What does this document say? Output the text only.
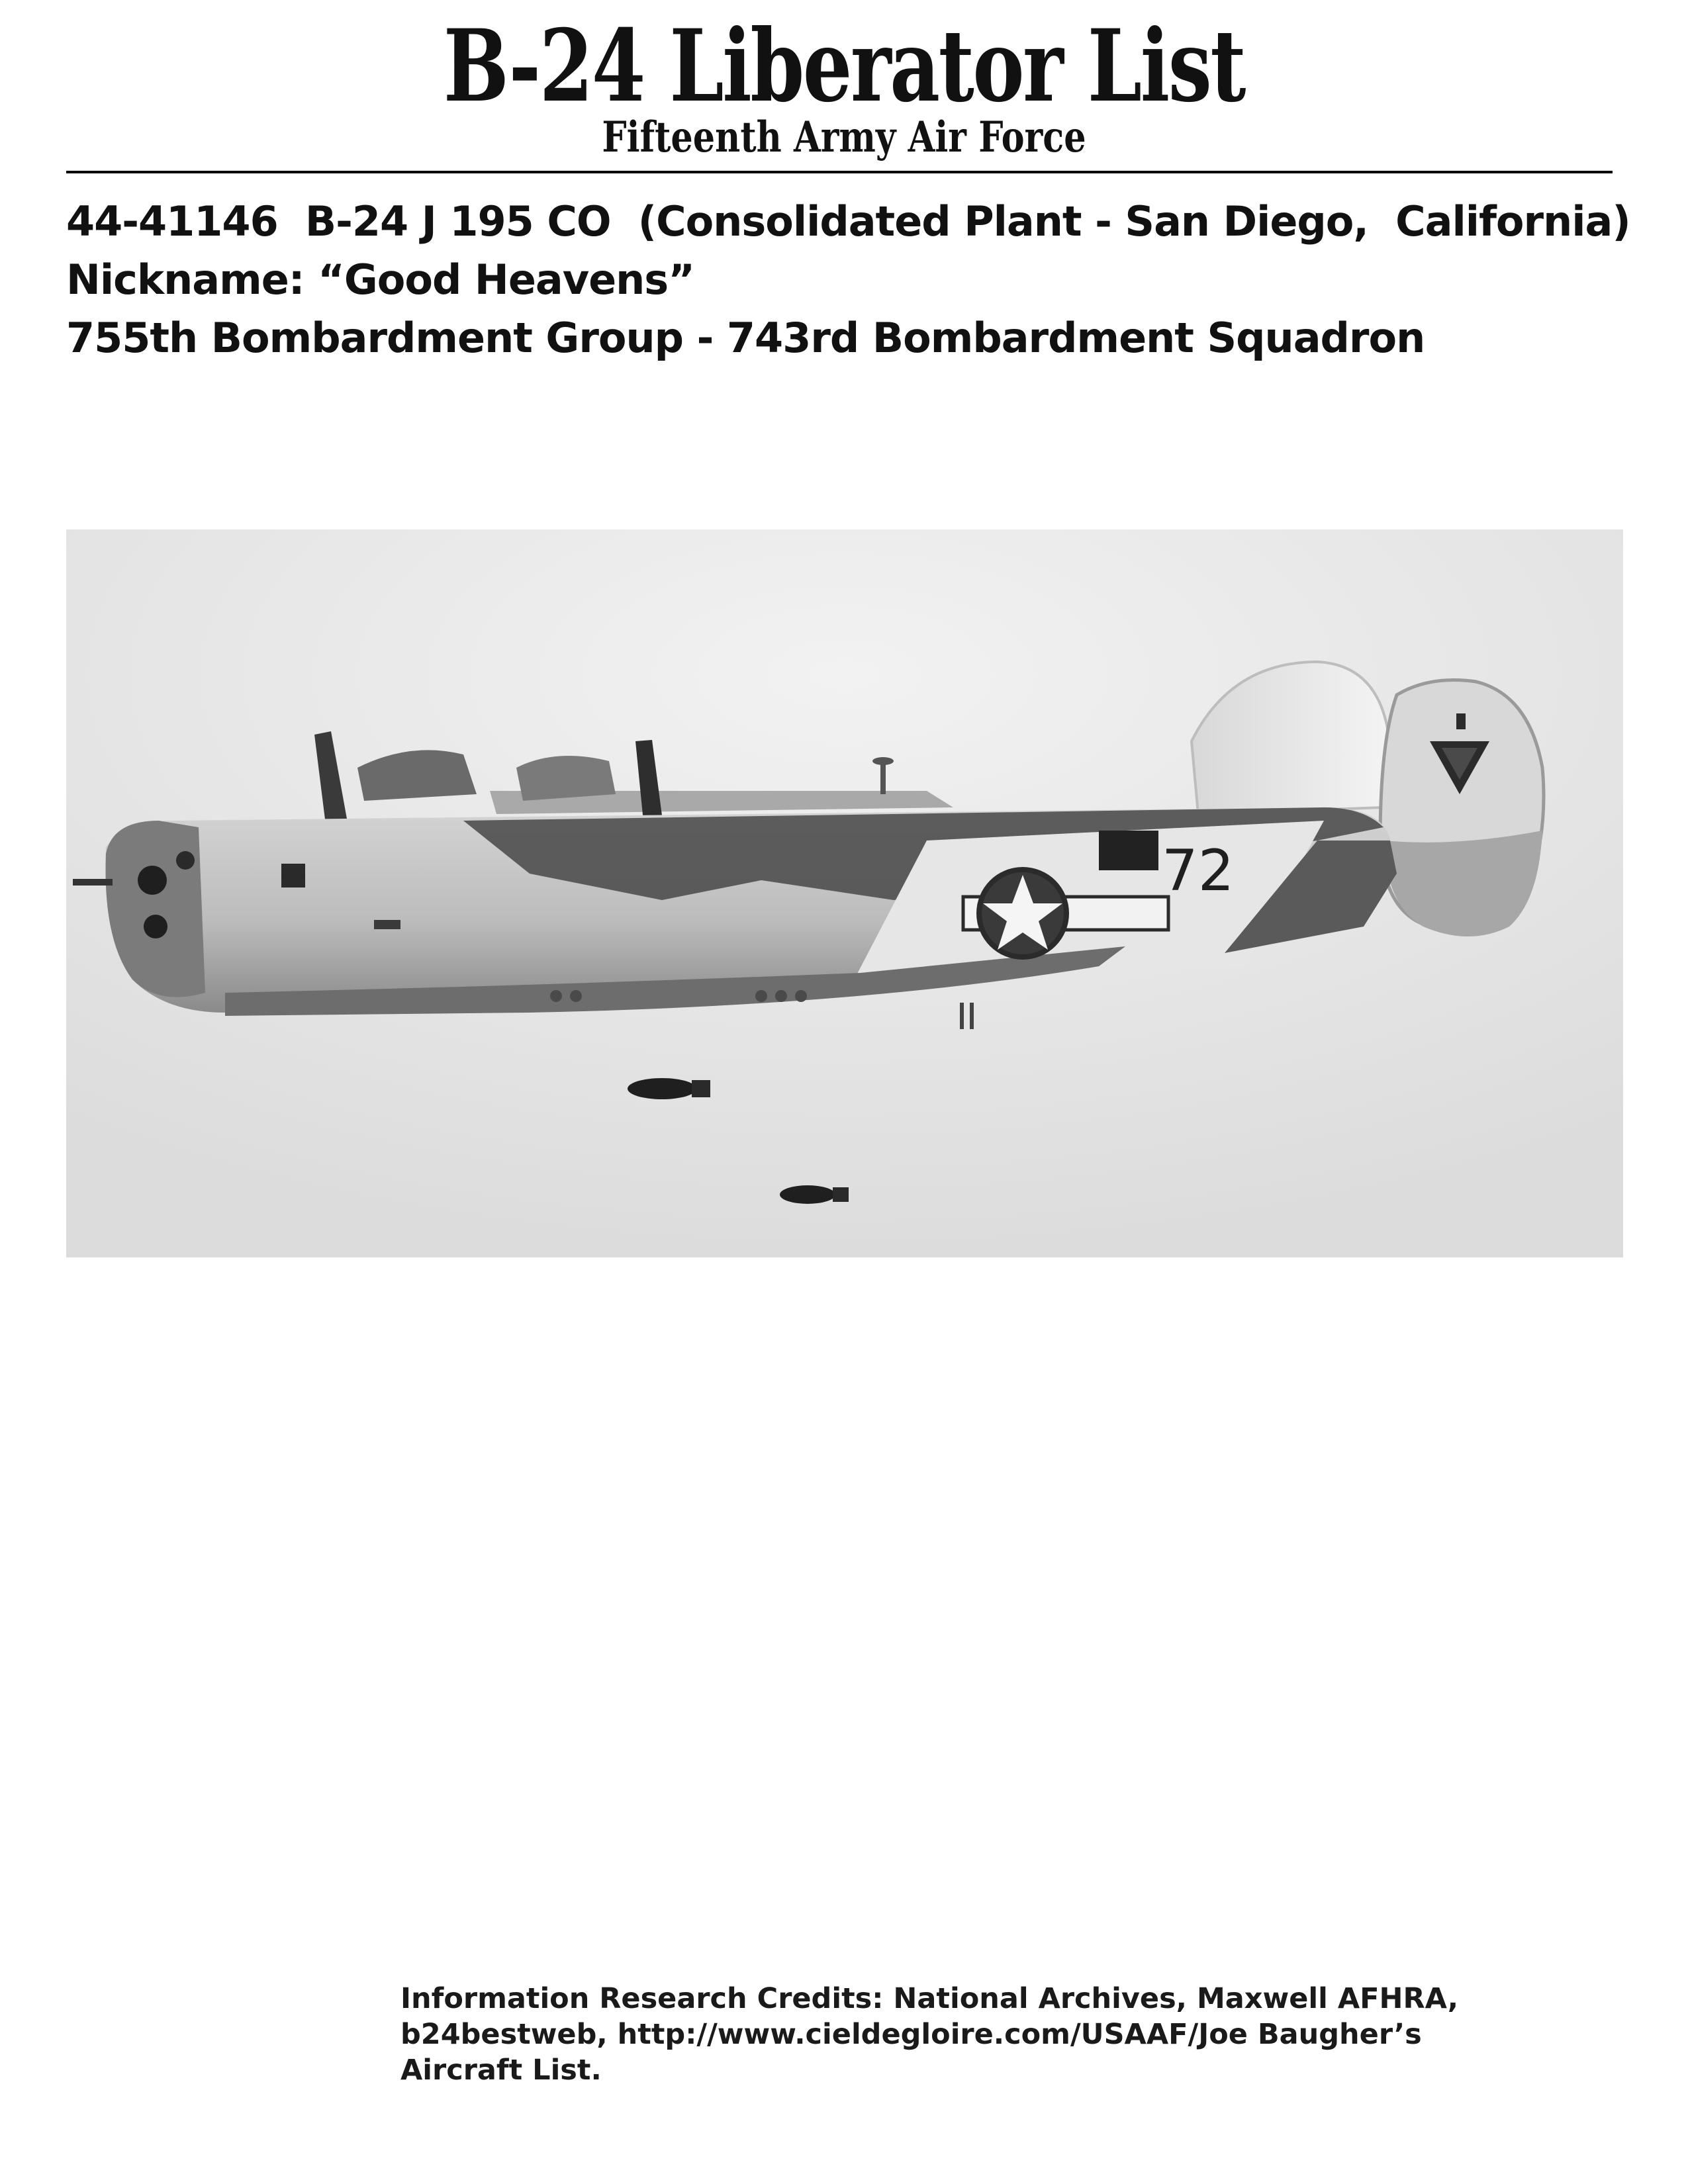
B-24 Liberator List
Fifteenth Army Air Force
44-41146  B-24 J 195 CO  (Consolidated Plant - San Diego,  California)
Nickname: “Good Heavens”
755th Bombardment Group - 743rd Bombardment Squadron
72
Information Research Credits: National Archives, Maxwell AFHRA,
b24bestweb, http://www.cieldegloire.com/USAAF/Joe Baugher’s
Aircraft List.
